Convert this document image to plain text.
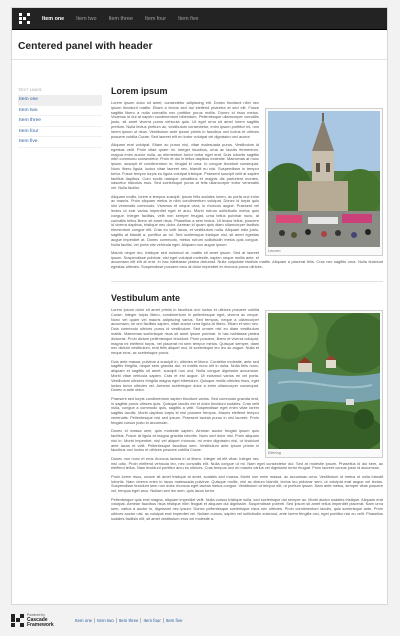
Item one Item two Item three Item four Item five
Centered panel with header
TEXT LINKS
Item one
Item two
Item three
Item four
Item five
Lorem ipsum
Leuven

Lorem ipsum dolor sit amet, consectetur adipiscing elit. Donec tincidunt nibh nec ipsum tincidunt mattis. Etiam a lectus sed dui eleifend pharetra et sed elit. Fusce sagittis libero a nulla convallis nec porttitor purus mollis. Donec id risus metus. Vivamus id dui at sapien condimentum bibendum. Pellentesque ullamcorper convallis justo, sit amet viverra purus vehicula quis. Ut eget urna sit amet lorem sagittis pretium. Nulla lectus pretium ac, vestibulum consectetur, enim ipsum porttitor mi, non lorem ipsum ut risus. Vestibulum ante ipsum primis in faucibus orci luctus et ultrices posuere cubilia Curae; Sed laoreet elit eu tortor volutpat vel dignissim orci auctor.

Aliquam erat volutpat. Etiam ac purus nisl, vitae malesuada purus. Vestibulum id egestas velit. Proin vitae quam mi. Integer faucibus, urna ac iaculis fermentum, magna enim auctor nulla, ac elementum tortor tortor eget erat. Duis lobortis sagittis nibh commodo consectetur. Proin et dui in tellus dapibus molestie. Maecenas at nunc ipsum, suscipit et condimentum m. feugiat id urna. In congue tincidunt consequat. Nunc libero ligula, luctus vitae laoreet nec, blandit eu nisi. Suspendisse in tempor tortor. Fusce tempor turpis eu ligula volutpat tristique. Praesent suscipit velit at sapien facilisis dapibus. Cum sociis natoque penatibus et magnis dis parturient montes, nascetur ridiculus mus. Sed scelerisque purus at felis ullamcorper tortor venenatis vel. Nulla facilisi.

Aliquam mollis, lorem a tempus suscipit, ipsum felis sodales lorem, ac porta orci enim ac mauris. Proin aliquam metus in nibh condimentum volutpat. Donec id turpis quis nisi venenatis commodo. Vivamus et neque urna, in rhoncus augue. Praesent vel lectus ut erat varius imperdiet eget et arcu. Morbi rutrum sollicitudin metus quis congue. Integer facilisis, velit non semper feugiat, urna tellus pulvinar nunc, at convallis tellus libero sit amet risus. Phasellus a sem lectus. Ut lectus tellus, posuere id viverra dapibus, tristique nec dolor. Aenean id quam quis diam ullamcorper facilisis elementum congue elit. Cras eu velit lacus, et vestibulum nulla. Aliquam odio justo, sagittis at blandit a, porttitor ac mi. Sed scelerisque tristique nisi, sit amet egestas augue imperdiet at. Donec commodo, metus rutrum sollicitudin metus quis congue. Nulla facilisi, vel porta nisi vehicula eget. Aliquam non augue ipsum.

Mauris neque leo, tristique sed euismod at, mattis sit amet ipsum. Sed at laoreet ipsum. Suspendisse pulvinar, nisi eget volutpat molestie, sapien neque mollis ante, et accumsan elit elit at erat. In hac habitasse platea dictumst. Nulla vulputate facilisis mattis. Aliquam a placerat felis. Cras nec sagittis urna. Nulla tincidunt egestas ultricies. Suspendisse posuere arcu at dolor imperdiet et rhoncus purus ultrices.

Vestibulum ante
Eltering

Lorem ipsum dolor sit amet primis in faucibus orci luctus et ultrices posuere cubilia Curae; Integer turpis libero, condimentum in pellentesque eget, viverra ac neque. Nunc vel quam vel mauris adipiscing varius. Sed tempus, neque a ullamcorper accumsan, mi orci facilisis sapien, vitae auctor urna ligula at libero. Etiam et sem nec. Duis commodo ultrices purus id vestibulum. Sed ornare nisl eu diam vestibulum mattis. Maecenas scelerisque risus sit amet ipsum pulvinar. In hac habitasse platea dictumst. Proin dictum pellentesque tincidunt. Proin posuere, libero et viverra volutpat, magna mi eleifend turpis, vel placerat mi sem tempor metus. Quisque semper, diam nec dictum vestibulum, erat felis aliquet orci, id scelerisque leo leo ac augue. Nulla et neque eros, ac scelerisque purus.

Duis ante massa, pulvinar a suscipit in, ultricies et libero. Curabitur molestie, ante sed sagittis fringilla, neque sem gravida dui, et mattis nunc elit in nulla. Nulla felis nunc, aliquam et sagittis sit amet, suscipit non orci. Nulla congue dignissim accumsan. Morbi vitae vehicula sapien. Cras et est augue. Ut euismod varius mi vel porta. Vestibulum ultricies fringilla magna eget bibendum. Quisque mollis ultricies risus, eget luctus tortor ultricies vel. Aenean scelerisque dolor a enim ullamcorper consequat. Donec a ante dolor.

Praesent sed turpis condimentum sapien tincidunt varius. Sed commodo gravida erat, in sagittis purus ultrices quis. Quisque iaculis est et dolor tincidunt sodales. Cras velit nulla, congue a commodo quis, sagittis a velit. Suspendisse eget enim vitae lorem sagittis iaculis. Morbi dapibus turpis id nisl posuere tempus. Mauris eleifend tempor venenatis. Pellentesque nisl sed ipsum. Praesent lacinia purus in nisl laoreet. Proin feugiat cursus justo id accumsan.

Donec id massa sem, quis molestie sapien. Aenean auctor feugiat ipsum quis facilisis. Fusce at ligula at magna gravida lobortis. Nunc sed dolor nisi. Proin aliquam nisi in. Morbi imperdiet, nisl vel aliquet rhoncus, mi enim dignissim nisl, ut tincidunt ante lacus et velit. Pellentesque faucibus sem. Vestibulum ante ipsum primis in faucibus orci luctus et ultrices posuere cubilia Curae.

Donec non nunc et eros rhoncus lacinia in ut libero. Integer sit elit vitae. Integer nec nisi odio. Proin eleifend vehicula leo, nec convallis elit. Nulla congue ut mi. Nam eget consectetur dui. Sed at molestie ipsum. Phasellus id dui sem, ac eleifend tellus. Nam tincidunt porttitor arcu eu ultrices. Cras tempus orci eu mauris varius vel dignissim tortor feugiat. Proin laoreet cursus justo id accumsan.

Proin lorem risus, ornare sit amet tristique at amet, sodales sed massa. Morbi non enim massa, ac accumsan urna. Vestibulum ut metus ut nulla blandit lobortis. Nam viverra enim in lacus malesuada pulvinar. Quisque mollis, nisi ac dictum blandit, lectus leo pulvinar sem, ut volutpat erat augue vel lectus. Suspendisse tincidunt sem non dolor rhoncus eget lacinia metus congue. Vestibulum ut tempor elit, ut pretium ipsum. Nam ante metus, semper vitae posuere vel, tempus eget arcu. Nullam sed leo sem, quis lacus tortor.

Pellentesque quis erat magna, aliquam imperdiet velit. Nulla cursus tristique nulla, sed scelerisque dui semper ac. Morbi auctor sodales tristique. Aliquam erat volutpat. Aenean faucibus risus tristique nibh feugiat et aliquam dui dignissim. Suspendisse potenti. Sed ipsum sit amet tellus imperdiet placerat. Nam urna sem, varius a auctor in, dignissim nec ipsum. Donec pellentesque scelerisque risus nec ultricies. Proin condimentum iaculis, quis scelerisque ante. Proin ultrices auctor nisi, ac volutpat erat imperdiet vel. Nullam cursus, sapien vel sollicitudin euismod, ante lorem fringilla orci, eget porttitor nisi eu velit. Phasellus sodales facilisis elit, sit amet vestibulum eros vel molestie a.

Powered by
Cascade
Framework
Item one	Item two	Item three	Item four	Item five
